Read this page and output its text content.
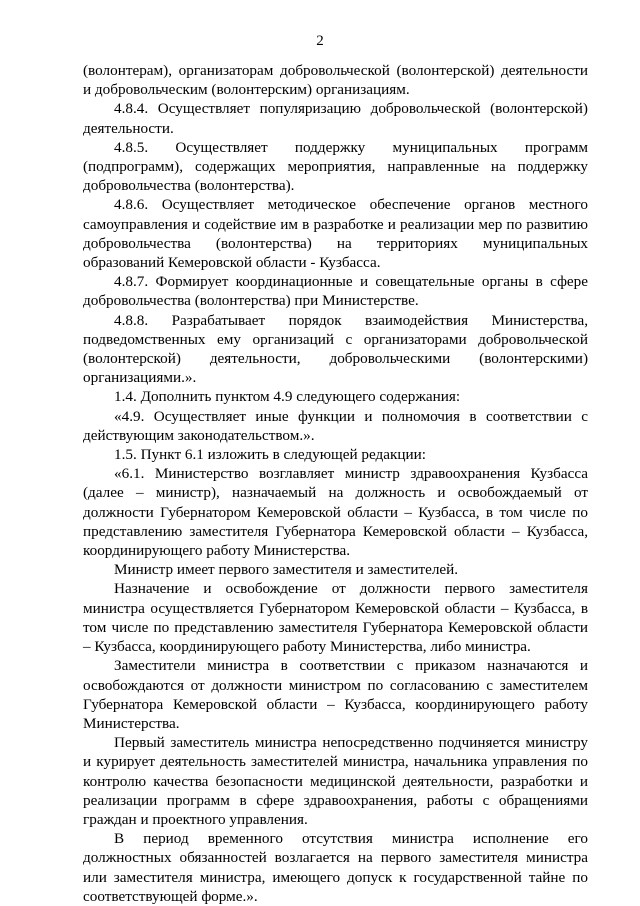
2

(волонтерам), организаторам добровольческой (волонтерской) деятельности и добровольческим (волонтерским) организациям.

4.8.4. Осуществляет популяризацию добровольческой (волонтерской) деятельности.

4.8.5. Осуществляет поддержку муниципальных программ (подпрограмм), содержащих мероприятия, направленные на поддержку добровольчества (волонтерства).

4.8.6. Осуществляет методическое обеспечение органов местного самоуправления и содействие им в разработке и реализации мер по развитию добровольчества (волонтерства) на территориях муниципальных образований Кемеровской области - Кузбасса.

4.8.7. Формирует координационные и совещательные органы в сфере добровольчества (волонтерства) при Министерстве.

4.8.8. Разрабатывает порядок взаимодействия Министерства, подведомственных ему организаций с организаторами добровольческой (волонтерской) деятельности, добровольческими (волонтерскими) организациями.».

1.4. Дополнить пунктом 4.9 следующего содержания:

«4.9. Осуществляет иные функции и полномочия в соответствии с действующим законодательством.».

1.5. Пункт 6.1 изложить в следующей редакции:

«6.1. Министерство возглавляет министр здравоохранения Кузбасса (далее – министр), назначаемый на должность и освобождаемый от должности Губернатором Кемеровской области – Кузбасса, в том числе по представлению заместителя Губернатора Кемеровской области – Кузбасса, координирующего работу Министерства.

Министр имеет первого заместителя и заместителей.

Назначение и освобождение от должности первого заместителя министра осуществляется Губернатором Кемеровской области – Кузбасса, в том числе по представлению заместителя Губернатора Кемеровской области – Кузбасса, координирующего работу Министерства, либо министра.

Заместители министра в соответствии с приказом назначаются и освобождаются от должности министром по согласованию с заместителем Губернатора Кемеровской области – Кузбасса, координирующего работу Министерства.

Первый заместитель министра непосредственно подчиняется министру и курирует деятельность заместителей министра, начальника управления по контролю качества безопасности медицинской деятельности, разработки и реализации программ в сфере здравоохранения, работы с обращениями граждан и проектного управления.

В период временного отсутствия министра исполнение его должностных обязанностей возлагается на первого заместителя министра или заместителя министра, имеющего допуск к государственной тайне по соответствующей форме.».
